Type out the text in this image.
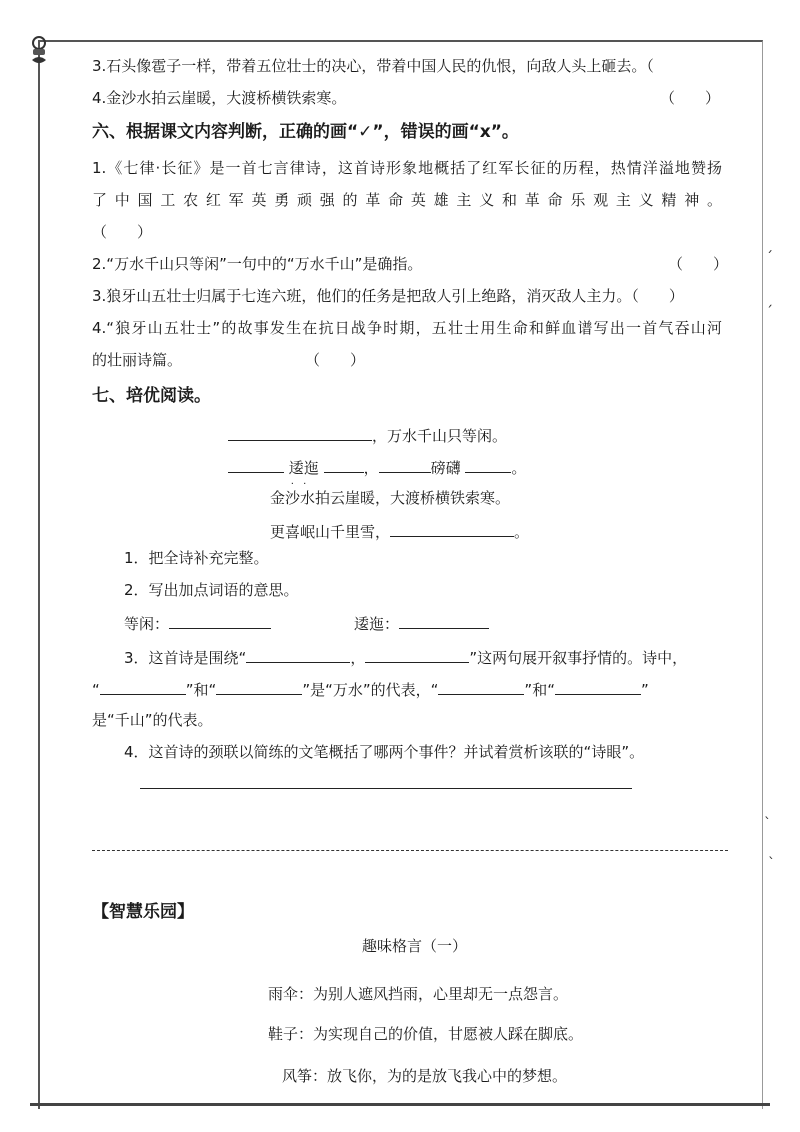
3.石头像雹子一样，带着五位壮士的决心，带着中国人民的仇恨，向敌人头上砸去。（
4.金沙水拍云崖暖，大渡桥横铁索寒。	（　　）
六、根据课文内容判断，正确的画“✓”，错误的画“x”。
1.《七律·长征》是一首七言律诗，这首诗形象地概括了红军长征的历程，热情洋溢地赞扬
了中国工农红军英勇顽强的革命英雄主义和革命乐观主义精神。
（　　）
2.“万水千山只等闲”一句中的“万水千山”是确指。	（　　）
3.狼牙山五壮士归属于七连六班，他们的任务是把敌人引上绝路，消灭敌人主力。（　　）
4.“狼牙山五壮士”的故事发生在抗日战争时期，五壮士用生命和鲜血谱写出一首气吞山河
的壮丽诗篇。	（　　）
七、培优阅读。
，万水千山只等闲。
逶迤 · ·	，	磅礴	。
金沙水拍云崖暖，大渡桥横铁索寒。
更喜岷山千里雪，	。
1．把全诗补充完整。
2．写出加点词语的意思。
等闲：	逶迤：
3．这首诗是围绕“	，	”这两句展开叙事抒情的。诗中，
“	”和“	”是“万水”的代表，“	”和“	”
是“千山”的代表。
4．这首诗的颈联以简练的文笔概括了哪两个事件？并试着赏析该联的“诗眼”。
【智慧乐园】
趣味格言（一）
雨伞：为别人遮风挡雨，心里却无一点怨言。
鞋子：为实现自己的价值，甘愿被人踩在脚底。
风筝：放飞你，为的是放飞我心中的梦想。
ˊ
ˏ
ˋ
ˋ
